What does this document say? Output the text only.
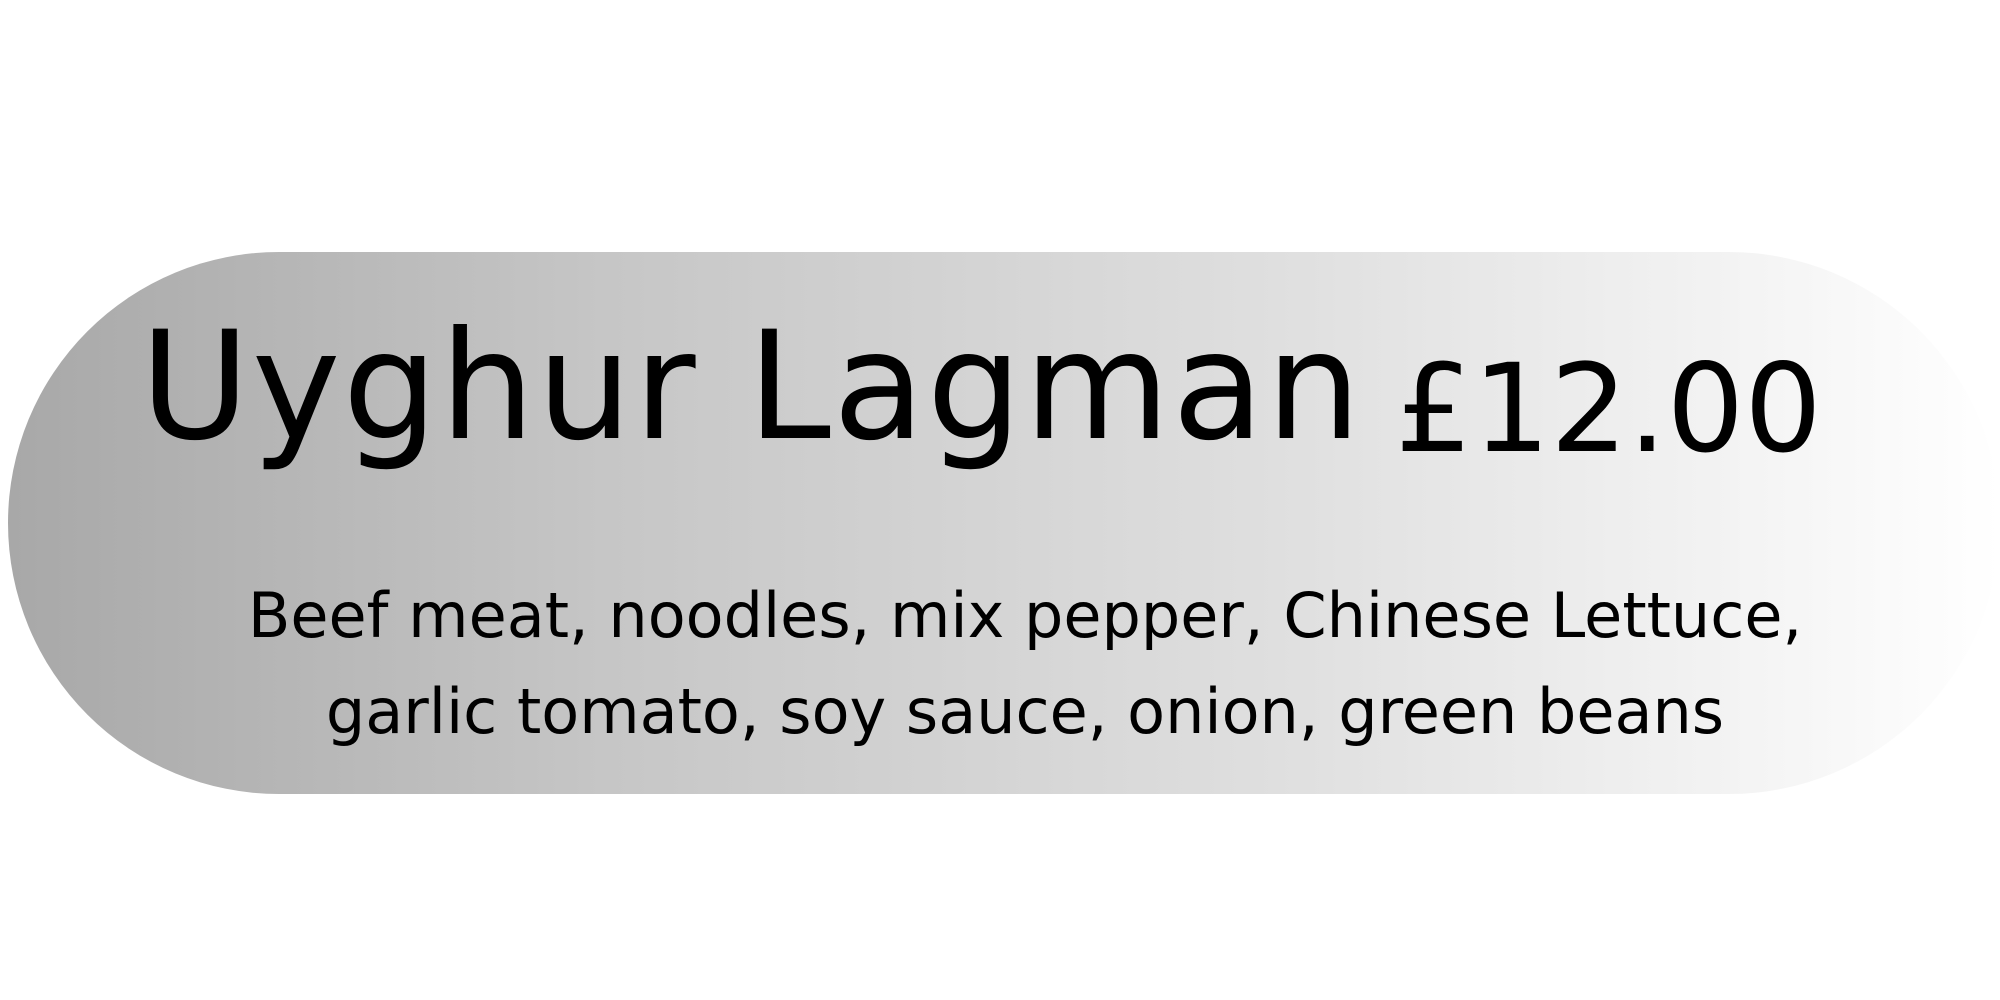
Uyghur Lagman £12.00

Beef meat, noodles, mix pepper, Chinese Lettuce,
garlic tomato, soy sauce, onion, green beans
